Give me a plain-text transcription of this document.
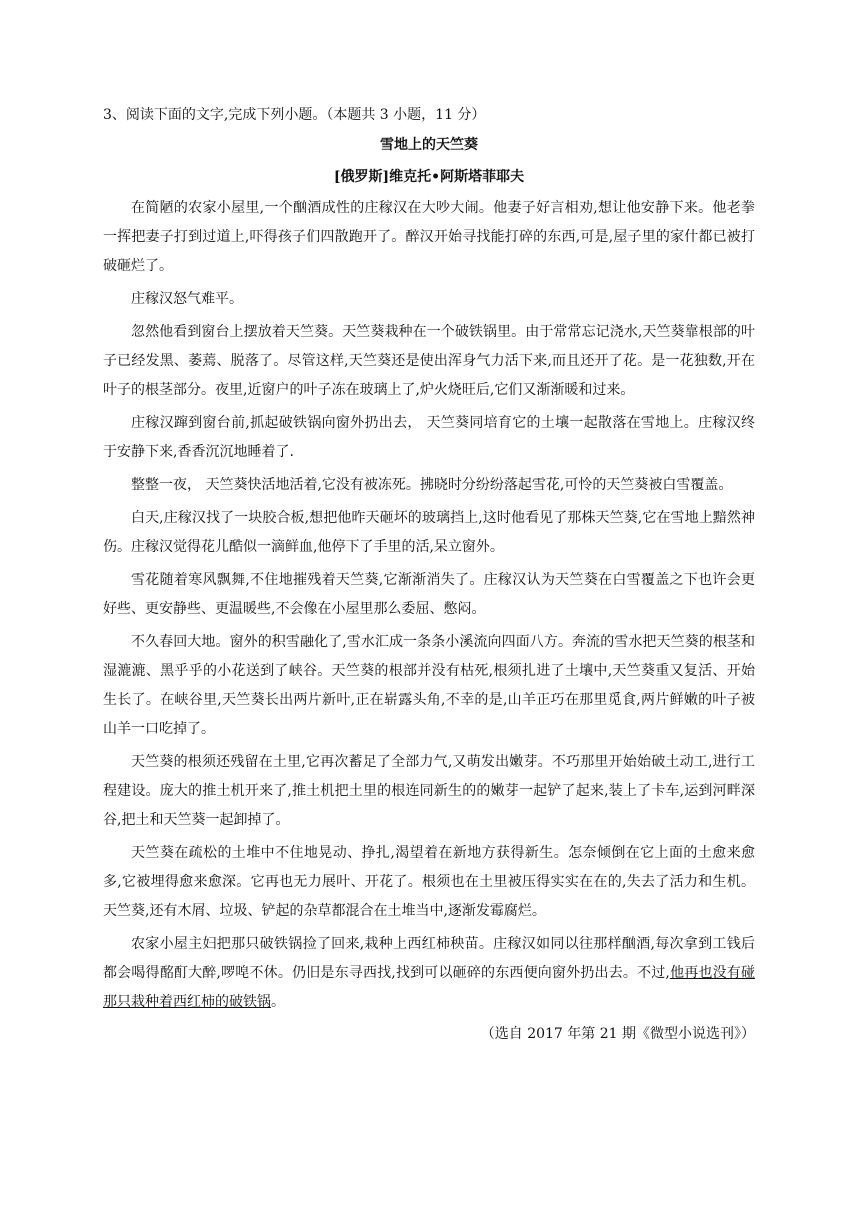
3、阅读下面的文字,完成下列小题。（本题共 3 小题，11 分）

雪地上的天竺葵

[俄罗斯]维克托•阿斯塔菲耶夫

在简陋的农家小屋里,一个酗酒成性的庄稼汉在大吵大闹。他妻子好言相劝,想让他安静下来。他老拳一挥把妻子打到过道上,吓得孩子们四散跑开了。醉汉开始寻找能打碎的东西,可是,屋子里的家什都已被打破砸烂了。

庄稼汉怒气难平。

忽然他看到窗台上摆放着天竺葵。天竺葵栽种在一个破铁锅里。由于常常忘记浇水,天竺葵靠根部的叶子已经发黑、萎蔫、脱落了。尽管这样,天竺葵还是使出浑身气力活下来,而且还开了花。是一花独数,开在叶子的根茎部分。夜里,近窗户的叶子冻在玻璃上了,炉火烧旺后,它们又渐渐暖和过来。

庄稼汉蹿到窗台前,抓起破铁锅向窗外扔出去， 天竺葵同培育它的土壤一起散落在雪地上。庄稼汉终于安静下来,香香沉沉地睡着了.

整整一夜， 天竺葵快活地活着,它没有被冻死。拂晓时分纷纷落起雪花,可怜的天竺葵被白雪覆盖。

白天,庄稼汉找了一块胶合板,想把他昨天砸坏的玻璃挡上,这时他看见了那株天竺葵,它在雪地上黯然神伤。庄稼汉觉得花儿酷似一滴鲜血,他停下了手里的活,呆立窗外。

雪花随着寒风飘舞,不住地摧残着天竺葵,它渐渐消失了。庄稼汉认为天竺葵在白雪覆盖之下也许会更好些、更安静些、更温暖些,不会像在小屋里那么委屈、憋闷。

不久春回大地。窗外的积雪融化了,雪水汇成一条条小溪流向四面八方。奔流的雪水把天竺葵的根茎和湿漉漉、黑乎乎的小花送到了峡谷。天竺葵的根部并没有枯死,根须扎进了土壤中,天竺葵重又复活、开始生长了。在峡谷里,天竺葵长出两片新叶,正在崭露头角,不幸的是,山羊正巧在那里觅食,两片鲜嫩的叶子被山羊一口吃掉了。

天竺葵的根须还残留在土里,它再次蓄足了全部力气,又萌发出嫩芽。不巧那里开始始破土动工,进行工程建设。庞大的推土机开来了,推土机把土里的根连同新生的的嫩芽一起铲了起来,装上了卡车,运到河畔深谷,把土和天竺葵一起卸掉了。

天竺葵在疏松的土堆中不住地晃动、挣扎,渴望着在新地方获得新生。怎奈倾倒在它上面的土愈来愈多,它被埋得愈来愈深。它再也无力展叶、开花了。根须也在土里被压得实实在在的,失去了活力和生机。天竺葵,还有木屑、垃圾、铲起的杂草都混合在土堆当中,逐渐发霉腐烂。

农家小屋主妇把那只破铁锅捡了回来,栽种上西红柿秧苗。庄稼汉如同以往那样酗酒,每次拿到工钱后都会喝得酩酊大醉,啰唣不休。仍旧是东寻西找,找到可以砸碎的东西便向窗外扔出去。不过,他再也没有碰那只栽种着西红柿的破铁锅。

（选自 2017 年第 21 期《微型小说选刊》）
